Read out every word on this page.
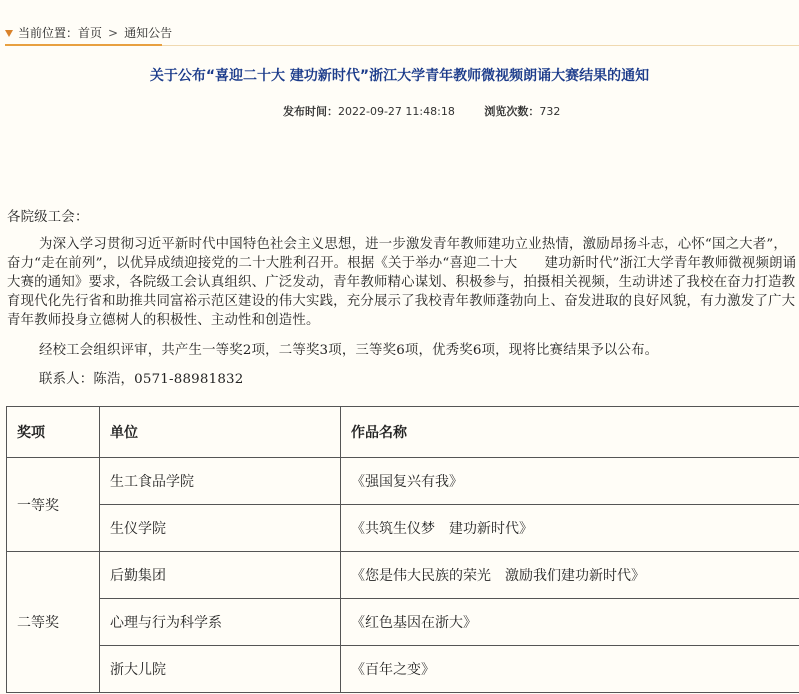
当前位置： 首页 > 通知公告
关于公布“喜迎二十大 建功新时代”浙江大学青年教师微视频朗诵大赛结果的通知
发布时间：2022-09-27 11:48:18	浏览次数：732

各院级工会：

为深入学习贯彻习近平新时代中国特色社会主义思想，进一步激发青年教师建功立业热情，激励昂扬斗志，心怀“国之大者”，奋力“走在前列”，以优异成绩迎接党的二十大胜利召开。根据《关于举办“喜迎二十大　　建功新时代”浙江大学青年教师微视频朗诵大赛的通知》要求，各院级工会认真组织、广泛发动，青年教师精心谋划、积极参与，拍摄相关视频，生动讲述了我校在奋力打造教育现代化先行省和助推共同富裕示范区建设的伟大实践，充分展示了我校青年教师蓬勃向上、奋发进取的良好风貌，有力激发了广大青年教师投身立德树人的积极性、主动性和创造性。

经校工会组织评审，共产生一等奖2项，二等奖3项，三等奖6项，优秀奖6项，现将比赛结果予以公布。

联系人：陈浩，0571-88981832

奖项	单位	作品名称
一等奖	生工食品学院	《强国复兴有我》
	生仪学院	《共筑生仪梦　建功新时代》
二等奖	后勤集团	《您是伟大民族的荣光　激励我们建功新时代》
	心理与行为科学系	《红色基因在浙大》
	浙大儿院	《百年之变》
